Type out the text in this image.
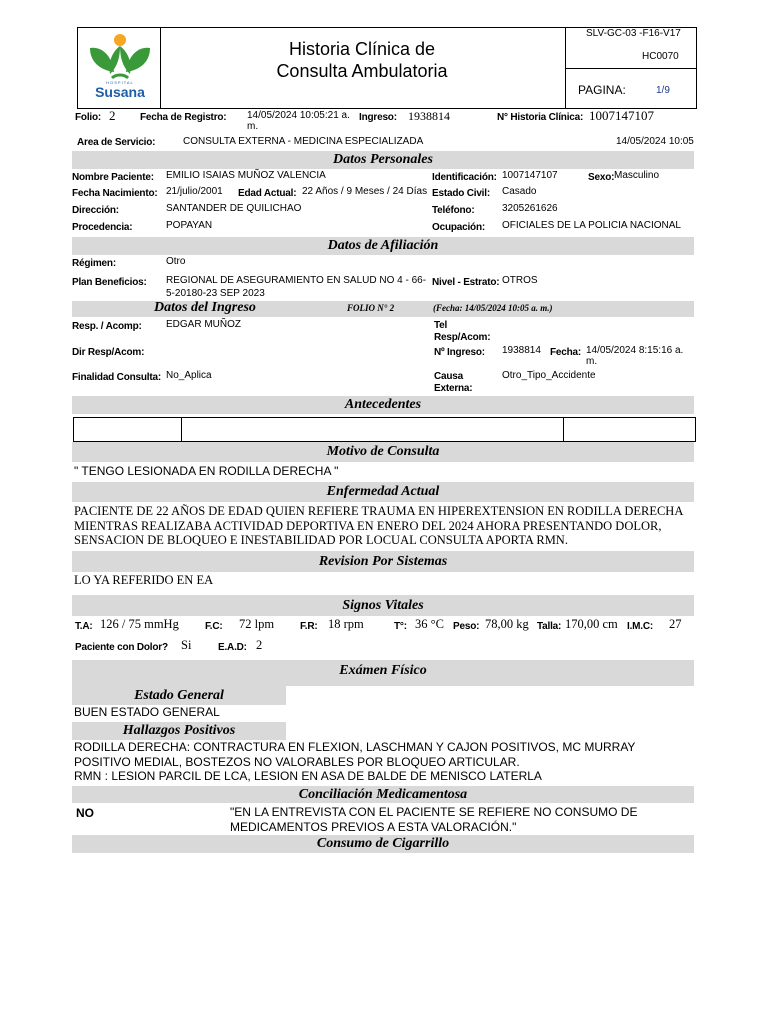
HOSPITAL
Susana
Historia Clínica de
Consulta Ambulatoria
SLV-GC-03 -F16-V17
HC0070
PAGINA:	1/9
Folio: 2 Fecha de Registro: 14/05/2024 10:05:21 a.
m.
Ingreso: 1938814	N° Historia Clínica: 1007147107
Area de Servicio:	CONSULTA EXTERNA - MEDICINA ESPECIALIZADA	14/05/2024 10:05
Datos Personales
Nombre Paciente: EMILIO ISAIAS MUÑOZ VALENCIA	Identificación: 1007147107	Sexo: Masculino
Fecha Nacimiento: 21/julio/2001 Edad Actual: 22 Años / 9 Meses / 24 Días Estado Civil: Casado
Dirección:	SANTANDER DE QUILICHAO	Teléfono:	3205261626
Procedencia:	POPAYAN	Ocupación: OFICIALES DE LA POLICIA NACIONAL
Datos de Afiliación
Régimen:	Otro
Plan Beneficios: REGIONAL DE ASEGURAMIENTO EN SALUD NO 4 - 66-
5-20180-23 SEP 2023
Nivel - Estrato: OTROS
Datos del Ingreso	FOLIO N° 2	(Fecha: 14/05/2024 10:05 a. m.)
Resp. / Acomp: EDGAR MUÑOZ	Tel
Resp/Acom:
Dir Resp/Acom:	Nº Ingreso: 1938814 Fecha: 14/05/2024 8:15:16 a.
m.
Finalidad Consulta: No_Aplica	Causa
Externa:
Otro_Tipo_Accidente
Antecedentes
Motivo de Consulta
" TENGO LESIONADA EN RODILLA DERECHA "
Enfermedad Actual
PACIENTE DE 22 AÑOS DE EDAD QUIEN REFIERE TRAUMA EN HIPEREXTENSION EN RODILLA DERECHA
MIENTRAS REALIZABA ACTIVIDAD DEPORTIVA EN ENERO DEL 2024 AHORA PRESENTANDO DOLOR,
SENSACION DE BLOQUEO E INESTABILIDAD POR LOCUAL CONSULTA APORTA RMN.
Revision Por Sistemas
LO YA REFERIDO EN EA
Signos Vitales
T.A: 126 / 75 mmHg	F.C: 72 lpm	F.R: 18 rpm	T°: 36 °C Peso: 78,00 kg Talla: 170,00 cm I.M.C: 27
Paciente con Dolor? Si	E.A.D: 2
Exámen Físico
Estado General
BUEN ESTADO GENERAL
Hallazgos Positivos
RODILLA DERECHA: CONTRACTURA EN FLEXION, LASCHMAN Y CAJON POSITIVOS, MC MURRAY
POSITIVO MEDIAL, BOSTEZOS NO VALORABLES POR BLOQUEO ARTICULAR.
RMN : LESION PARCIL DE LCA, LESION EN ASA DE BALDE DE MENISCO LATERLA
Conciliación Medicamentosa
NO	"EN LA ENTREVISTA CON EL PACIENTE SE REFIERE NO CONSUMO DE
MEDICAMENTOS PREVIOS A ESTA VALORACIÓN."
Consumo de Cigarrillo
